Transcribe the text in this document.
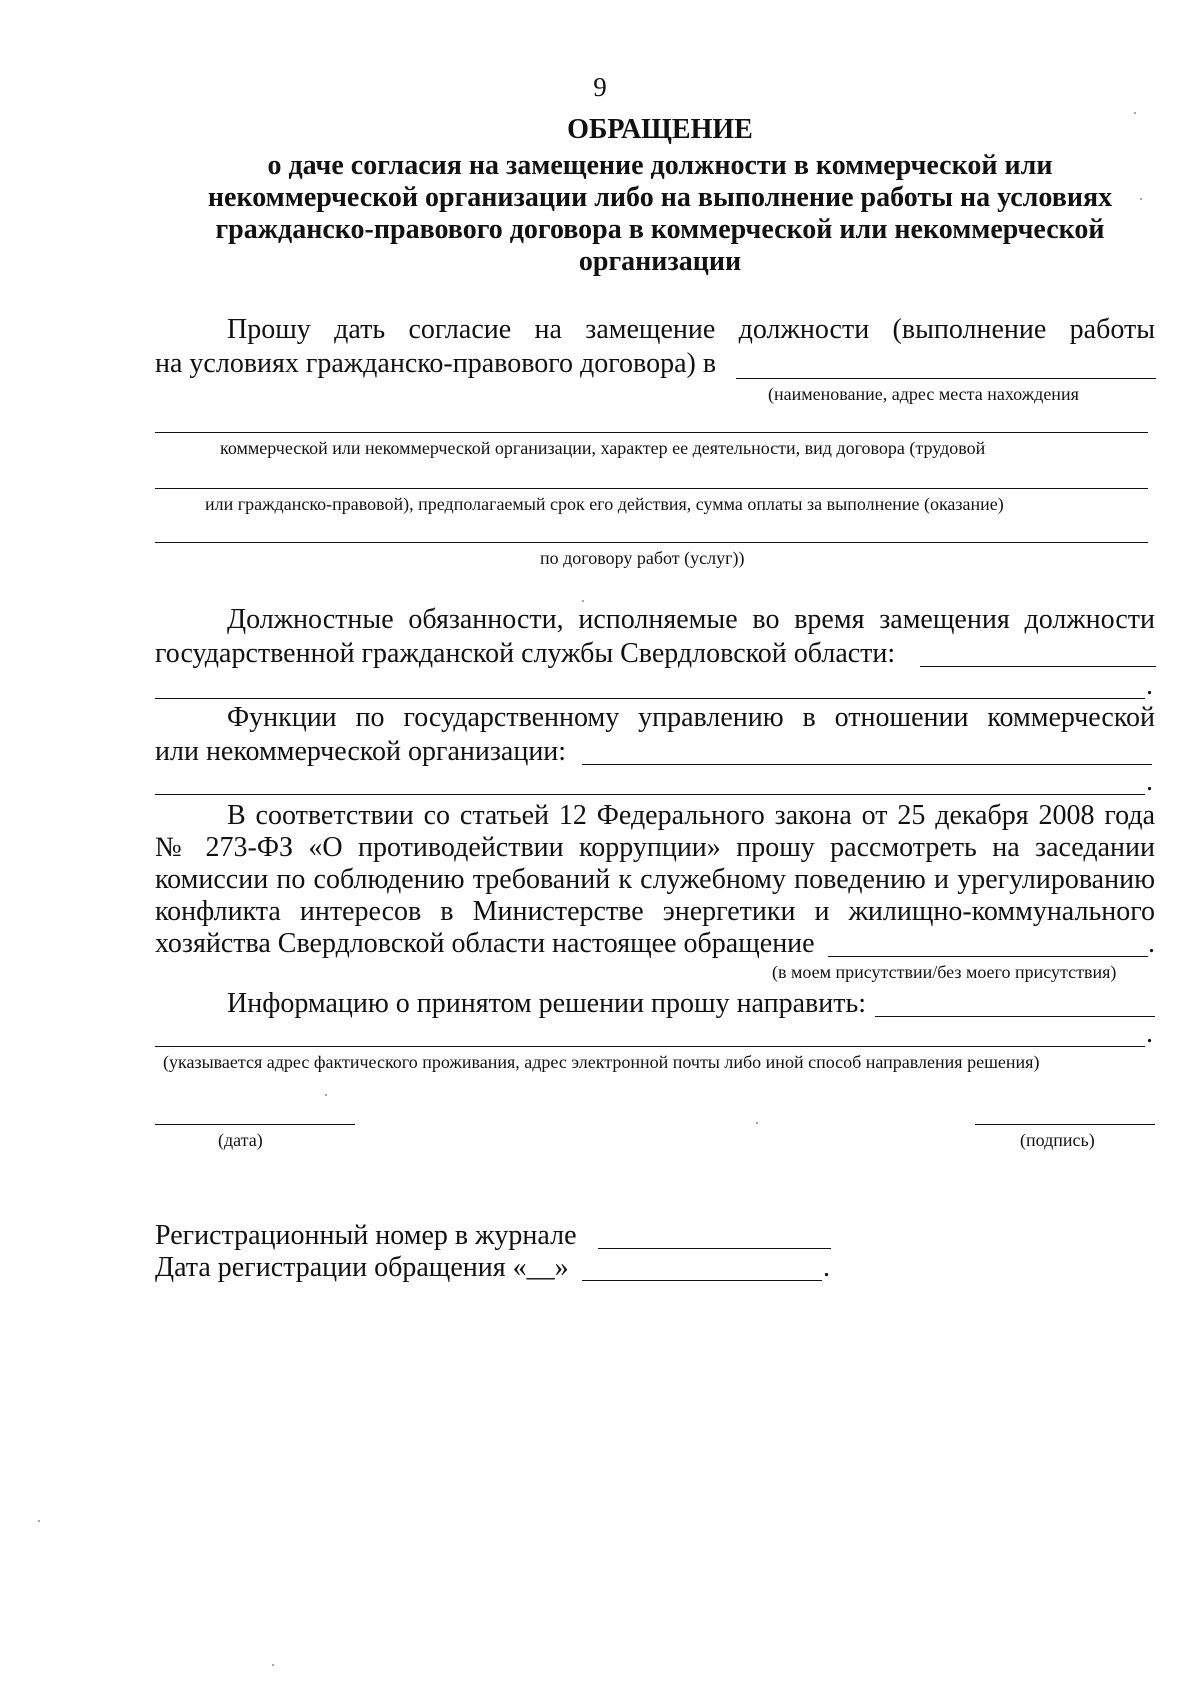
9
ОБРАЩЕНИЕ
о даче согласия на замещение должности в коммерческой или некоммерческой организации либо на выполнение работы на условиях гражданско-правового договора в коммерческой или некоммерческой организации
Прошу дать согласие на замещение должности (выполнение работы
на условиях гражданско-правового договора) в
(наименование, адрес места нахождения
коммерческой или некоммерческой организации, характер ее деятельности, вид договора (трудовой
или гражданско-правовой), предполагаемый срок его действия, сумма оплаты за выполнение (оказание)
по договору работ (услуг))
Должностные обязанности, исполняемые во время замещения должности
государственной гражданской службы Свердловской области:
.
Функции по государственному управлению в отношении коммерческой
или некоммерческой организации:
.
В соответствии со статьей 12 Федерального закона от 25 декабря 2008 года
№ 273-ФЗ «О противодействии коррупции» прошу рассмотреть на заседании
комиссии по соблюдению требований к служебному поведению и урегулированию
конфликта интересов в Министерстве энергетики и жилищно-коммунального
хозяйства Свердловской области настоящее обращение	.
(в моем присутствии/без моего присутствия)
Информацию о принятом решении прошу направить:
.
(указывается адрес фактического проживания, адрес электронной почты либо иной способ направления решения)
(дата)	(подпись)
Регистрационный номер в журнале
Дата регистрации обращения «__»	.
